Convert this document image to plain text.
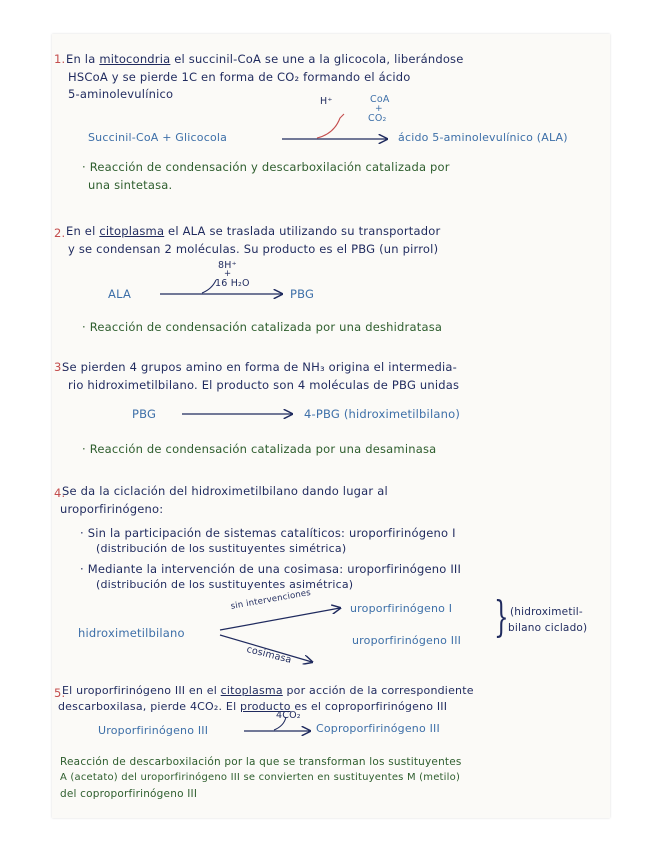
1. En la mitocondria el succinil-CoA se une a la glicocola, liberándose
HSCoA y se pierde 1C en forma de CO₂ formando el ácido
5-aminolevulínico
H⁺	CoA
+
CO₂
Succinil-CoA + Glicocola	ácido 5-aminolevulínico (ALA)
· Reacción de condensación y descarboxilación catalizada por
una sintetasa.
2. En el citoplasma el ALA se traslada utilizando su transportador
y se condensan 2 moléculas. Su producto es el PBG (un pirrol)
8H⁺
+
16 H₂O
ALA	PBG
· Reacción de condensación catalizada por una deshidratasa
3.
Se pierden 4 grupos amino en forma de NH₃ origina el intermedia-
rio hidroximetilbilano. El producto son 4 moléculas de PBG unidas
PBG	4-PBG (hidroximetilbilano)
· Reacción de condensación catalizada por una desaminasa
4.
Se da la ciclación del hidroximetilbilano dando lugar al
uroporfirinógeno:
· Sin la participación de sistemas catalíticos: uroporfirinógeno I
(distribución de los sustituyentes simétrica)
· Mediante la intervención de una cosimasa: uroporfirinógeno III
(distribución de los sustituyentes asimétrica)
hidroximetilbilano
sin intervenciones
cosimasa
uroporfirinógeno I
uroporfirinógeno III } (hidroximetil-
bilano ciclado)
5.
El uroporfirinógeno III en el citoplasma por acción de la correspondiente
descarboxilasa, pierde 4CO₂. El producto es el coproporfirinógeno III
4CO₂
Uroporfirinógeno III	Coproporfirinógeno III
Reacción de descarboxilación por la que se transforman los sustituyentes
A (acetato) del uroporfirinógeno III se convierten en sustituyentes M (metilo)
del coproporfirinógeno III
